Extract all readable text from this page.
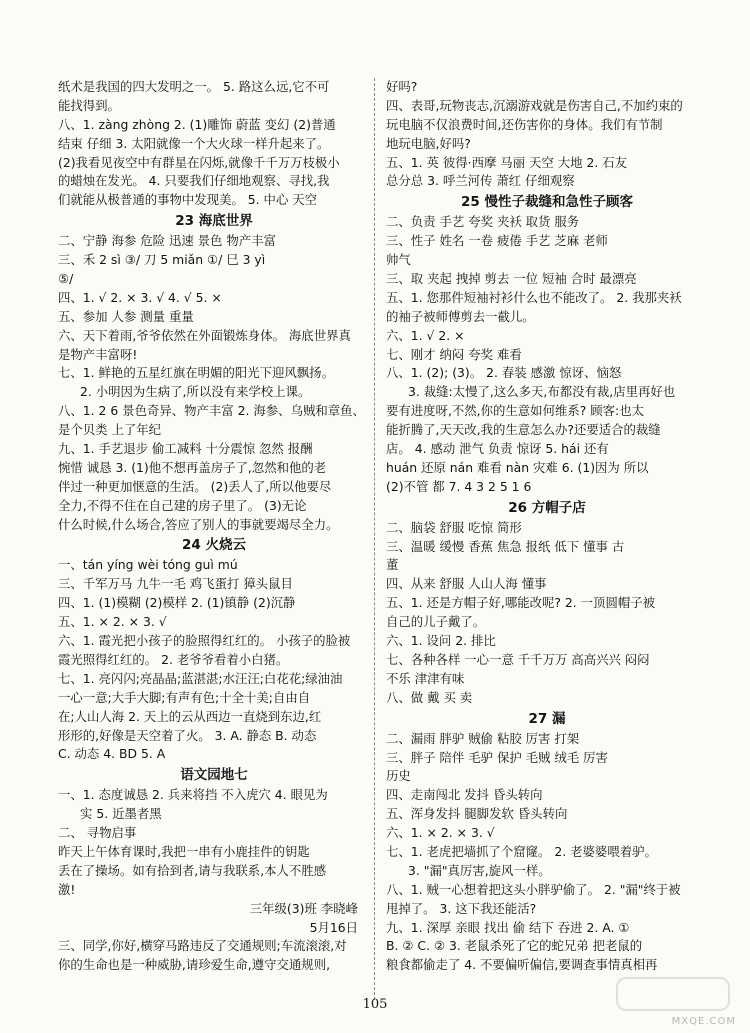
纸术是我国的四大发明之一。 5. 路这么远,它不可
能找得到。
八、1. zàng zhòng 2. (1)雕饰 蔚蓝 变幻 (2)普通
结束 仔细 3. 太阳就像一个大火球一样升起来了。
(2)我看见夜空中有群星在闪烁,就像千千万万枝极小
的蜡烛在发光。 4. 只要我们仔细地观察、寻找,我
们就能从极普通的事物中发现美。 5. 中心 天空
23 海底世界
二、宁静 海参 危险 迅速 景色 物产丰富
三、禾 2 sì ③/ 刀 5 miǎn ①/ 巳 3 yì
⑤/
四、1. √ 2. × 3. √ 4. √ 5. ×
五、参加 人参 测量 重量
六、天下着雨,爷爷依然在外面锻炼身体。 海底世界真
是物产丰富呀!
七、1. 鲜艳的五星红旗在明媚的阳光下迎风飘扬。
2. 小明因为生病了,所以没有来学校上课。
八、1. 2 6 景色奇异、物产丰富 2. 海参、乌贼和章鱼、
是个贝类 上了年纪
九、1. 手艺退步 偷工减料 十分震惊 忽然 报酬
惋惜 诚恳 3. (1)他不想再盖房子了,忽然和他的老
伴过一种更加惬意的生活。 (2)丢人了,所以他要尽
全力,不得不住在自己建的房子里了。 (3)无论
什么时候,什么场合,答应了别人的事就要竭尽全力。
24 火烧云
一、tán yíng wèi tóng guì mú
三、千军万马 九牛一毛 鸡飞蛋打 獐头鼠目
四、1. (1)模糊 (2)模样 2. (1)镇静 (2)沉静
五、1. × 2. × 3. √
六、1. 霞光把小孩子的脸照得红红的。 小孩子的脸被
霞光照得红红的。 2. 老爷爷看着小白猪。
七、1. 亮闪闪;亮晶晶;蓝湛湛;水汪汪;白花花;绿油油
一心一意;大手大脚;有声有色;十全十美;自由自
在;人山人海 2. 天上的云从西边一直烧到东边,红
形形的,好像是天空着了火。 3. A. 静态 B. 动态
C. 动态 4. BD 5. A
语文园地七
一、1. 态度诚恳 2. 兵来将挡 不入虎穴 4. 眼见为
实 5. 近墨者黑
二、 寻物启事
昨天上午体育课时,我把一串有小鹿挂件的钥匙
丢在了操场。如有拾到者,请与我联系,本人不胜感
激!
三年级(3)班 李晓峰
5月16日
三、同学,你好,横穿马路违反了交通规则;车流滚滚,对
你的生命也是一种威胁,请珍爱生命,遵守交通规则,
好吗?
四、表哥,玩物丧志,沉溺游戏就是伤害自己,不加约束的
玩电脑不仅浪费时间,还伤害你的身体。我们有节制
地玩电脑,好吗?
五、1. 英 彼得·西摩 马丽 天空 大地 2. 石友
总分总 3. 呼兰河传 萧红 仔细观察
25 慢性子裁缝和急性子顾客
二、负责 手艺 夸奖 夹袄 取货 服务
三、性子 姓名 一卷 疲倦 手艺 芝麻 老师
帅气
三、取 夹起 拽掉 剪去 一位 短袖 合时 最漂亮
五、1. 您那件短袖衬衫什么也不能改了。 2. 我那夹袄
的袖子被师傅剪去一截儿。
六、1. √ 2. ×
七、刚才 纳闷 夸奖 难看
八、1. (2); (3)。 2. 春装 感激 惊讶、恼怒
3. 裁缝:太慢了,这么多天,布都没有裁,店里再好也
要有进度呀,不然,你的生意如何维系? 顾客:也太
能折腾了,天天改,我的生意怎么办?还要适合的裁缝
店。 4. 感动 泄气 负责 惊讶 5. hái 还有
huán 还原 nán 难看 nàn 灾难 6. (1)因为 所以
(2)不管 都 7. 4 3 2 5 1 6
26 方帽子店
二、脑袋 舒服 吃惊 简形
三、温暖 缓慢 香蕉 焦急 报纸 低下 懂事 古
董
四、从来 舒服 人山人海 懂事
五、1. 还是方帽子好,哪能改呢? 2. 一顶圆帽子被
自己的儿子戴了。
六、1. 设问 2. 排比
七、各种各样 一心一意 千千万万 高高兴兴 闷闷
不乐 津津有味
八、做 戴 买 卖
27 漏
二、漏雨 胖驴 贼偷 粘胶 厉害 打架
三、胖子 陪伴 毛驴 保护 毛贼 绒毛 厉害
历史
四、走南闯北 发抖 昏头转向
五、浑身发抖 腿脚发软 昏头转向
六、1. × 2. × 3. √
七、1. 老虎把墙抓了个窟窿。 2. 老婆婆喂着驴。
3. "漏"真厉害,旋风一样。
八、1. 贼一心想着把这头小胖驴偷了。 2. "漏"终于被
甩掉了。 3. 这下我还能活?
九、1. 深厚 亲眼 找出 偷 结下 吞进 2. A. ①
B. ② C. ② 3. 老鼠杀死了它的蛇兄弟 把老鼠的
粮食都偷走了 4. 不要偏听偏信,要调查事情真相再
105
MXQE.COM
